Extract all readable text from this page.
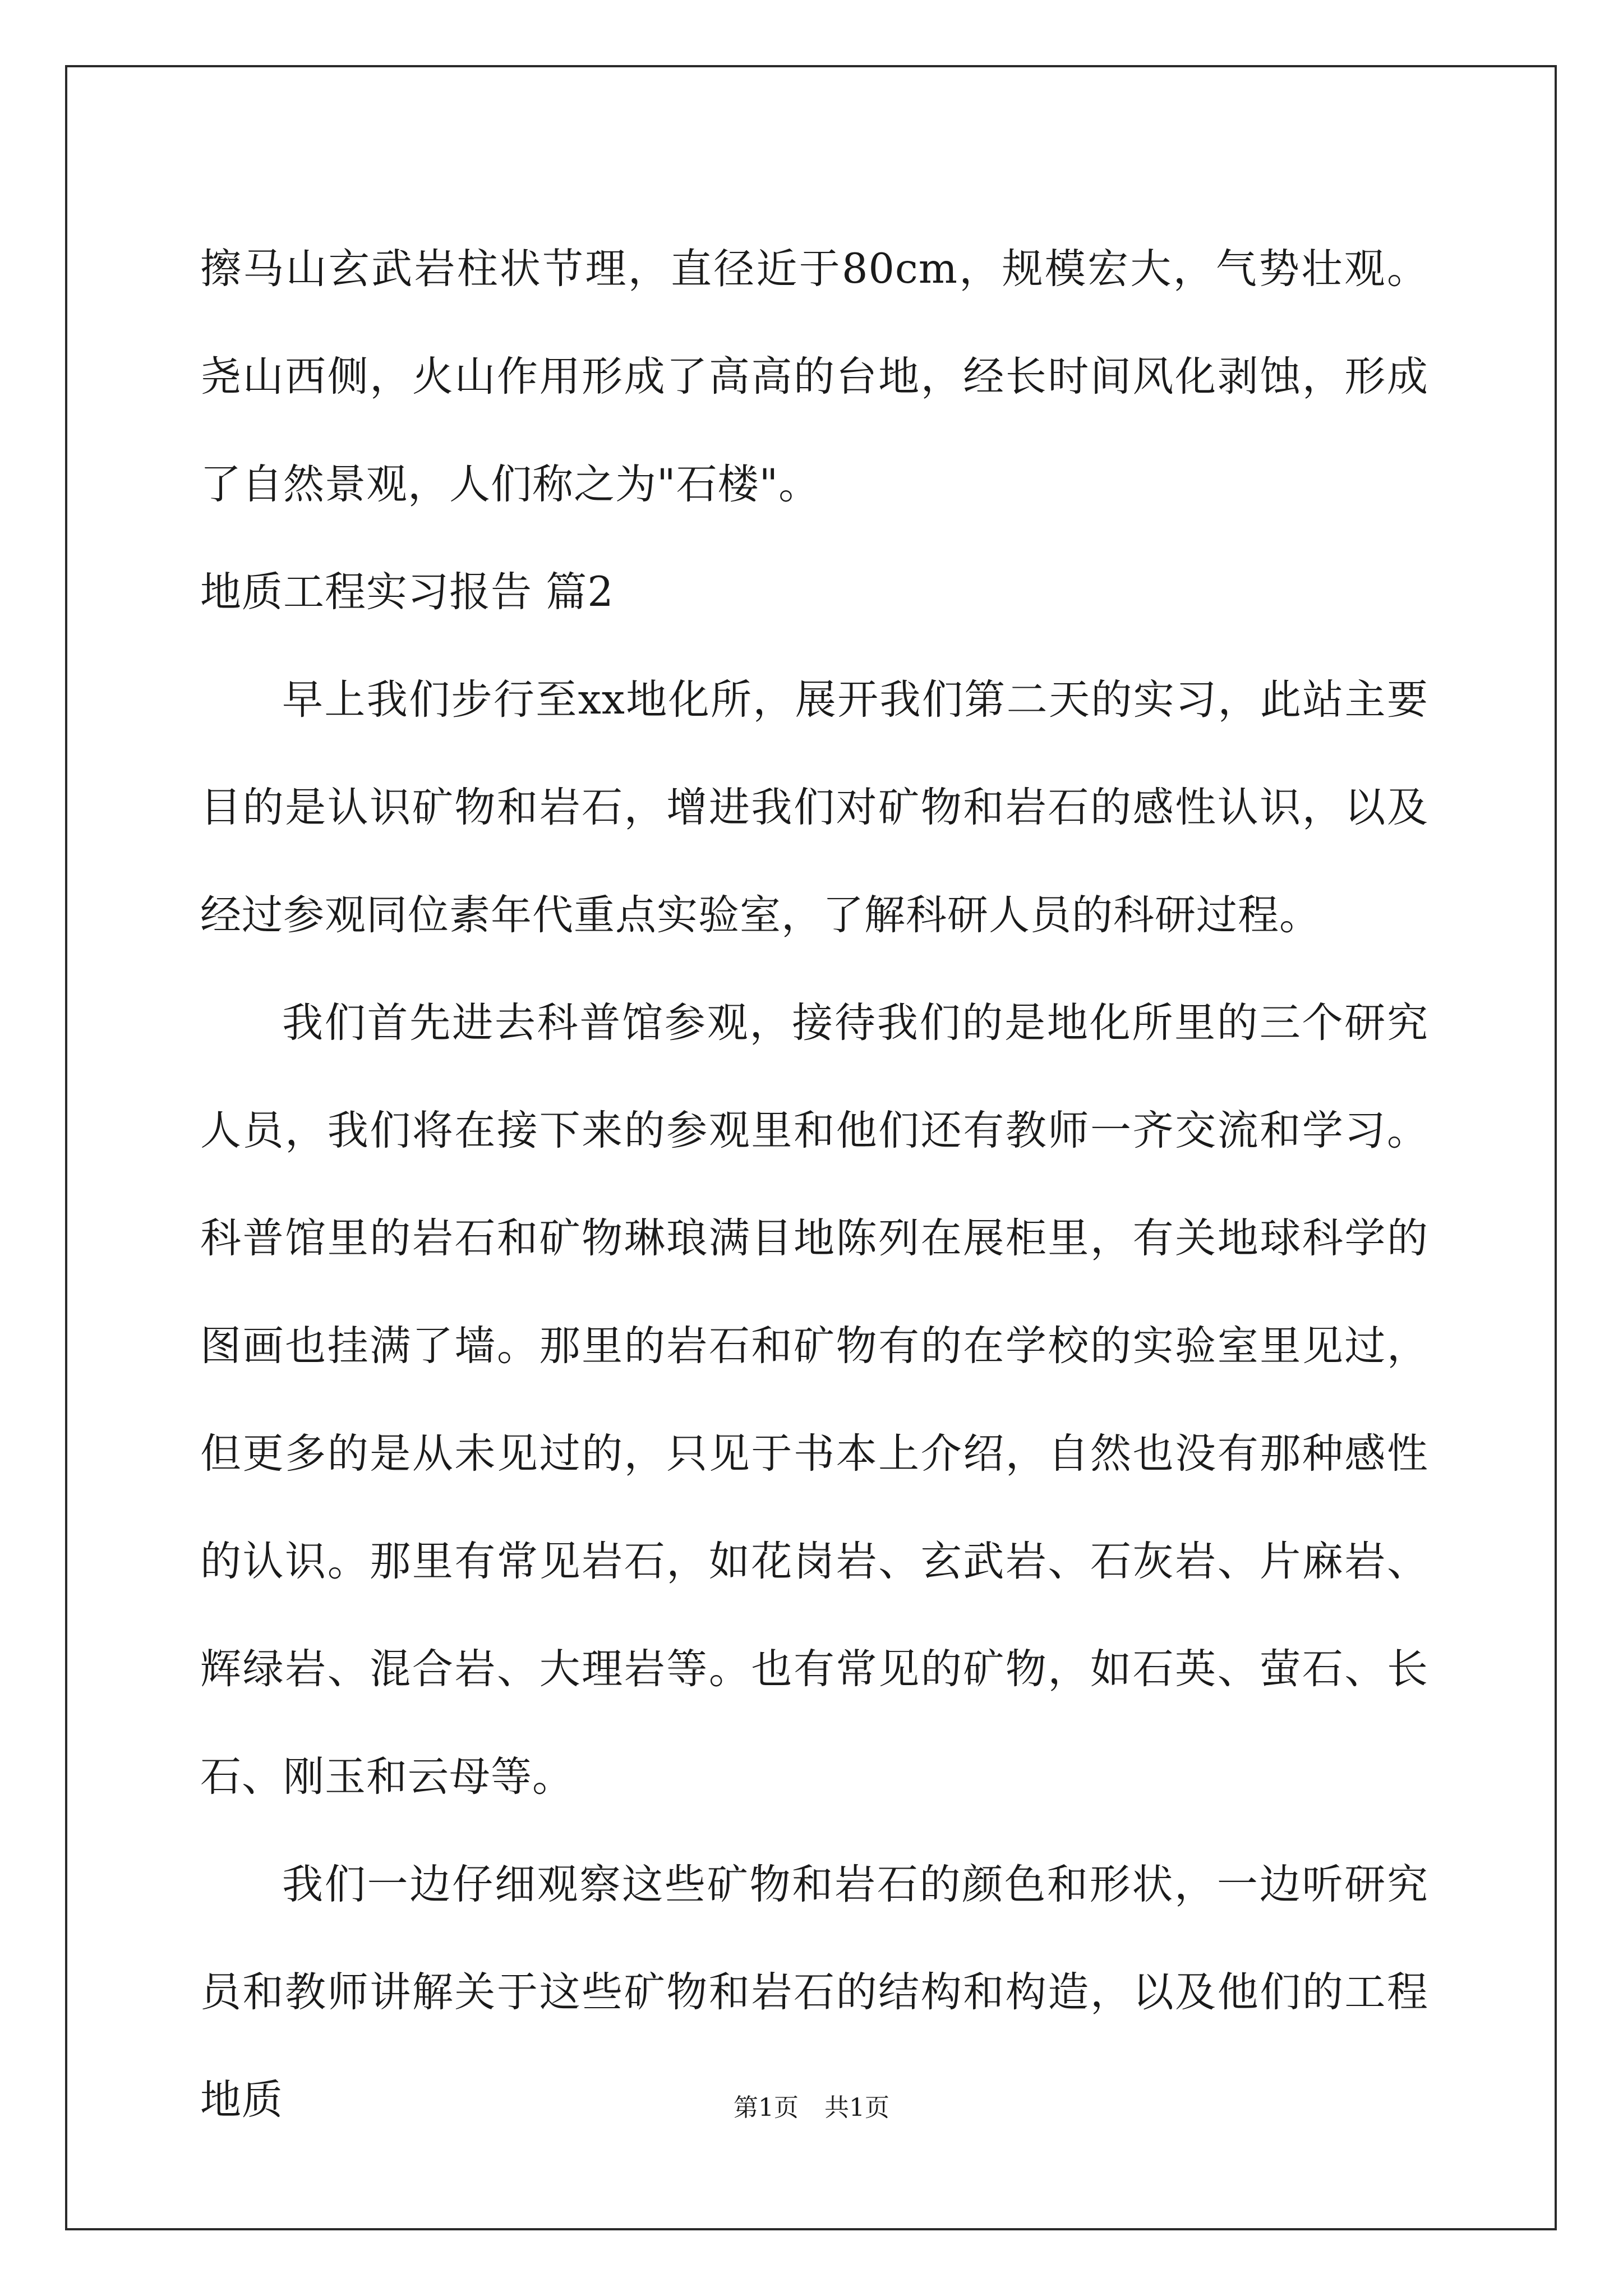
擦马山玄武岩柱状节理，直径近于80cm，规模宏大，气势壮观。尧山西侧，火山作用形成了高高的台地，经长时间风化剥蚀，形成了自然景观，人们称之为"石楼"。

地质工程实习报告 篇2

早上我们步行至xx地化所，展开我们第二天的实习，此站主要目的是认识矿物和岩石，增进我们对矿物和岩石的感性认识，以及经过参观同位素年代重点实验室，了解科研人员的科研过程。

我们首先进去科普馆参观，接待我们的是地化所里的三个研究人员，我们将在接下来的参观里和他们还有教师一齐交流和学习。科普馆里的岩石和矿物琳琅满目地陈列在展柜里，有关地球科学的图画也挂满了墙。那里的岩石和矿物有的在学校的实验室里见过，但更多的是从未见过的，只见于书本上介绍，自然也没有那种感性的认识。那里有常见岩石，如花岗岩、玄武岩、石灰岩、片麻岩、辉绿岩、混合岩、大理岩等。也有常见的矿物，如石英、萤石、长石、刚玉和云母等。

我们一边仔细观察这些矿物和岩石的颜色和形状，一边听研究员和教师讲解关于这些矿物和岩石的结构和构造，以及他们的工程地质	第1页 共1页
